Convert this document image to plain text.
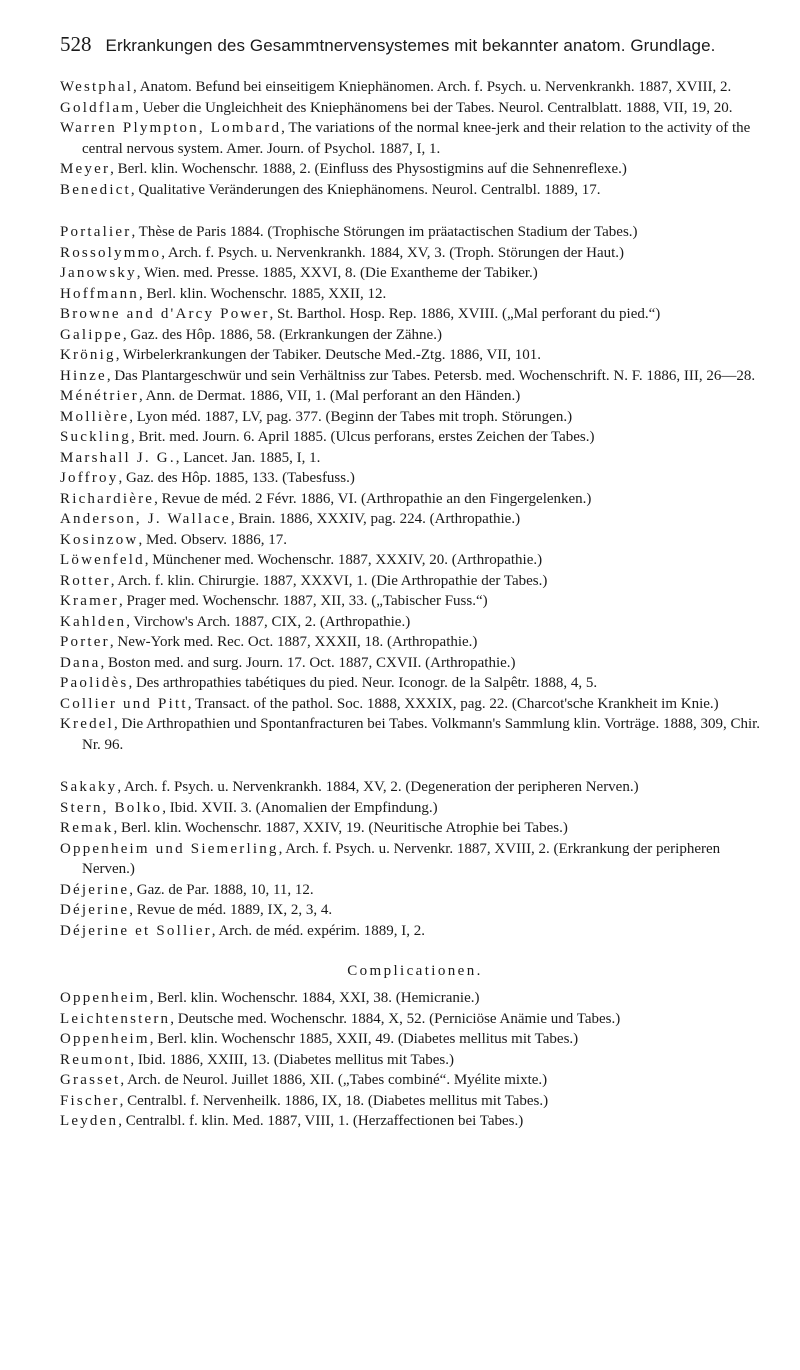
528 Erkrankungen des Gesammtnervensystemes mit bekannter anatom. Grundlage.

Westphal, Anatom. Befund bei einseitigem Kniephänomen. Arch. f. Psych. u. Nervenkrankh. 1887, XVIII, 2.

Goldflam, Ueber die Ungleichheit des Kniephänomens bei der Tabes. Neurol. Centralblatt. 1888, VII, 19, 20.

Warren Plympton, Lombard, The variations of the normal knee-jerk and their relation to the activity of the central nervous system. Amer. Journ. of Psychol. 1887, I, 1.

Meyer, Berl. klin. Wochenschr. 1888, 2. (Einfluss des Physostigmins auf die Sehnenreflexe.)

Benedict, Qualitative Veränderungen des Kniephänomens. Neurol. Centralbl. 1889, 17.

Portalier, Thèse de Paris 1884. (Trophische Störungen im präatactischen Stadium der Tabes.)

Rossolymmo, Arch. f. Psych. u. Nervenkrankh. 1884, XV, 3. (Troph. Störungen der Haut.)

Janowsky, Wien. med. Presse. 1885, XXVI, 8. (Die Exantheme der Tabiker.)

Hoffmann, Berl. klin. Wochenschr. 1885, XXII, 12.

Browne and d'Arcy Power, St. Barthol. Hosp. Rep. 1886, XVIII. („Mal perforant du pied.“)

Galippe, Gaz. des Hôp. 1886, 58. (Erkrankungen der Zähne.)

Krönig, Wirbelerkrankungen der Tabiker. Deutsche Med.-Ztg. 1886, VII, 101.

Hinze, Das Plantargeschwür und sein Verhältniss zur Tabes. Petersb. med. Wochenschrift. N. F. 1886, III, 26—28.

Ménétrier, Ann. de Dermat. 1886, VII, 1. (Mal perforant an den Händen.)

Mollière, Lyon méd. 1887, LV, pag. 377. (Beginn der Tabes mit troph. Störungen.)

Suckling, Brit. med. Journ. 6. April 1885. (Ulcus perforans, erstes Zeichen der Tabes.)

Marshall J. G., Lancet. Jan. 1885, I, 1.

Joffroy, Gaz. des Hôp. 1885, 133. (Tabesfuss.)

Richardière, Revue de méd. 2 Févr. 1886, VI. (Arthropathie an den Fingergelenken.)

Anderson, J. Wallace, Brain. 1886, XXXIV, pag. 224. (Arthropathie.)

Kosinzow, Med. Observ. 1886, 17.

Löwenfeld, Münchener med. Wochenschr. 1887, XXXIV, 20. (Arthropathie.)

Rotter, Arch. f. klin. Chirurgie. 1887, XXXVI, 1. (Die Arthropathie der Tabes.)

Kramer, Prager med. Wochenschr. 1887, XII, 33. („Tabischer Fuss.“)

Kahlden, Virchow's Arch. 1887, CIX, 2. (Arthropathie.)

Porter, New-York med. Rec. Oct. 1887, XXXII, 18. (Arthropathie.)

Dana, Boston med. and surg. Journ. 17. Oct. 1887, CXVII. (Arthropathie.)

Paolidès, Des arthropathies tabétiques du pied. Neur. Iconogr. de la Salpêtr. 1888, 4, 5.

Collier und Pitt, Transact. of the pathol. Soc. 1888, XXXIX, pag. 22. (Charcot'sche Krankheit im Knie.)

Kredel, Die Arthropathien und Spontanfracturen bei Tabes. Volkmann's Sammlung klin. Vorträge. 1888, 309, Chir. Nr. 96.

Sakaky, Arch. f. Psych. u. Nervenkrankh. 1884, XV, 2. (Degeneration der peripheren Nerven.)

Stern, Bolko, Ibid. XVII. 3. (Anomalien der Empfindung.)

Remak, Berl. klin. Wochenschr. 1887, XXIV, 19. (Neuritische Atrophie bei Tabes.)

Oppenheim und Siemerling, Arch. f. Psych. u. Nervenkr. 1887, XVIII, 2. (Erkrankung der peripheren Nerven.)

Déjerine, Gaz. de Par. 1888, 10, 11, 12.

Déjerine, Revue de méd. 1889, IX, 2, 3, 4.

Déjerine et Sollier, Arch. de méd. expérim. 1889, I, 2.

Complicationen.

Oppenheim, Berl. klin. Wochenschr. 1884, XXI, 38. (Hemicranie.)

Leichtenstern, Deutsche med. Wochenschr. 1884, X, 52. (Perniciöse Anämie und Tabes.)

Oppenheim, Berl. klin. Wochenschr 1885, XXII, 49. (Diabetes mellitus mit Tabes.)

Reumont, Ibid. 1886, XXIII, 13. (Diabetes mellitus mit Tabes.)

Grasset, Arch. de Neurol. Juillet 1886, XII. („Tabes combiné“. Myélite mixte.)

Fischer, Centralbl. f. Nervenheilk. 1886, IX, 18. (Diabetes mellitus mit Tabes.)

Leyden, Centralbl. f. klin. Med. 1887, VIII, 1. (Herzaffectionen bei Tabes.)
